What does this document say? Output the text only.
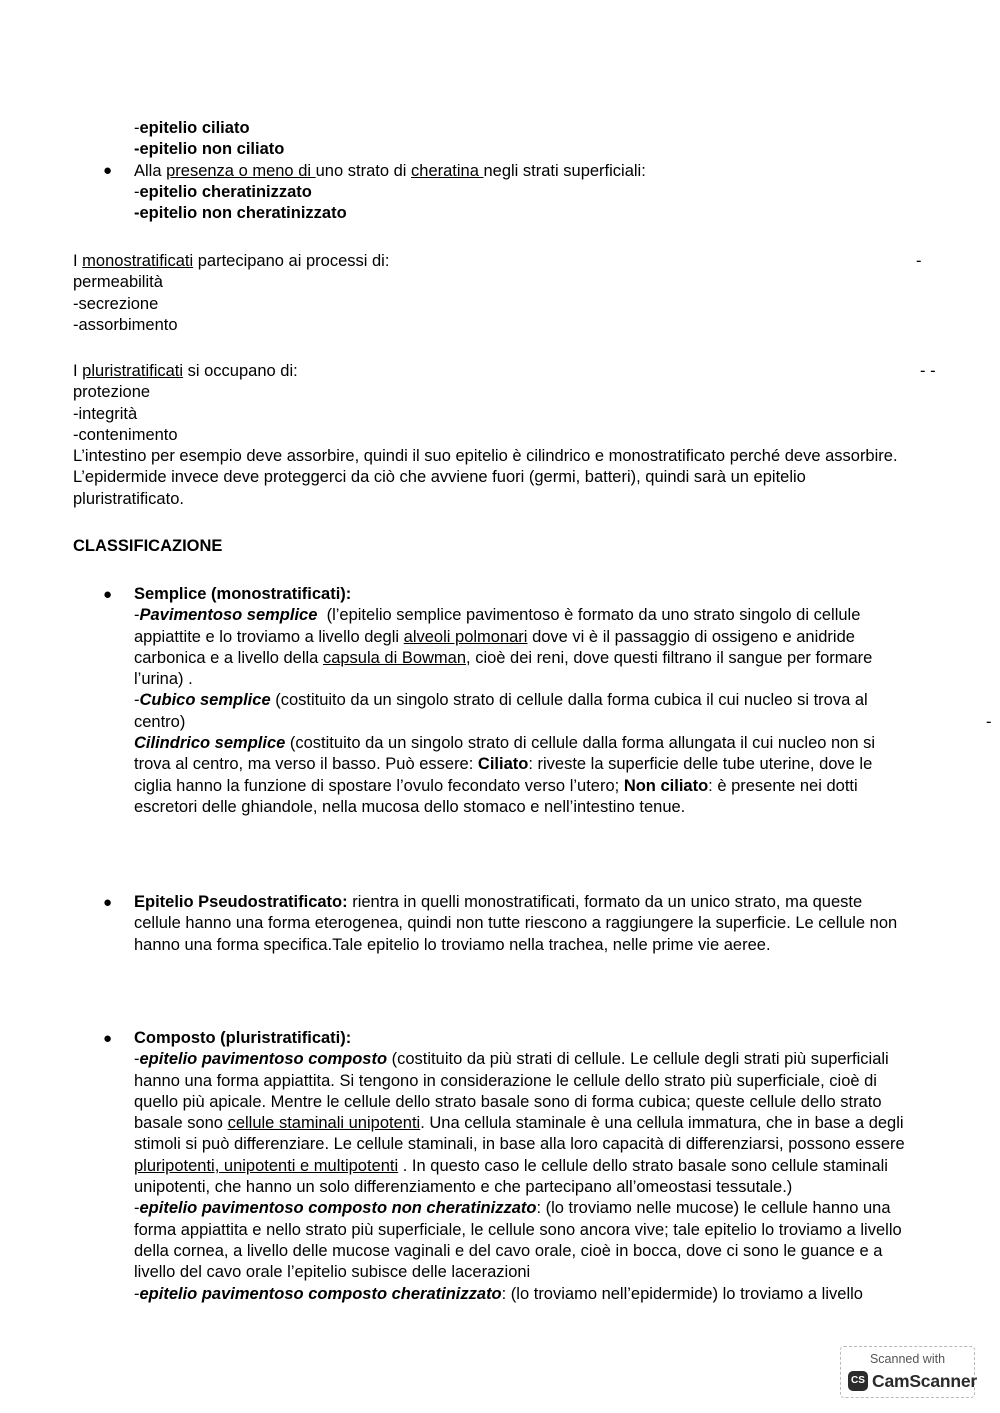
-epitelio ciliato
-epitelio non ciliato
Alla presenza o meno di uno strato di cheratina negli strati superficiali:
-epitelio cheratinizzato
-epitelio non cheratinizzato
●
I monostratificati partecipano ai processi di:
permeabilità
-secrezione
-assorbimento
-
I pluristratificati si occupano di:
protezione
-integrità
-contenimento
L’intestino per esempio deve assorbire, quindi il suo epitelio è cilindrico e monostratificato perché deve assorbire.
L’epidermide invece deve proteggerci da ciò che avviene fuori (germi, batteri), quindi sarà un epitelio
pluristratificato.
- -
CLASSIFICAZIONE
● Semplice (monostratificati):
-Pavimentoso semplice  (l’epitelio semplice pavimentoso è formato da uno strato singolo di cellule
appiattite e lo troviamo a livello degli alveoli polmonari dove vi è il passaggio di ossigeno e anidride
carbonica e a livello della capsula di Bowman, cioè dei reni, dove questi filtrano il sangue per formare
l’urina) .
-Cubico semplice (costituito da un singolo strato di cellule dalla forma cubica il cui nucleo si trova al
centro)
Cilindrico semplice (costituito da un singolo strato di cellule dalla forma allungata il cui nucleo non si
trova al centro, ma verso il basso. Può essere: Ciliato: riveste la superficie delle tube uterine, dove le
ciglia hanno la funzione di spostare l’ovulo fecondato verso l’utero; Non ciliato: è presente nei dotti
escretori delle ghiandole, nella mucosa dello stomaco e nell’intestino tenue.
-
● Epitelio Pseudostratificato: rientra in quelli monostratificati, formato da un unico strato, ma queste
cellule hanno una forma eterogenea, quindi non tutte riescono a raggiungere la superficie. Le cellule non
hanno una forma specifica.Tale epitelio lo troviamo nella trachea, nelle prime vie aeree.
● Composto (pluristratificati):
-epitelio pavimentoso composto (costituito da più strati di cellule. Le cellule degli strati più superficiali
hanno una forma appiattita. Si tengono in considerazione le cellule dello strato più superficiale, cioè di
quello più apicale. Mentre le cellule dello strato basale sono di forma cubica; queste cellule dello strato
basale sono cellule staminali unipotenti. Una cellula staminale è una cellula immatura, che in base a degli
stimoli si può differenziare. Le cellule staminali, in base alla loro capacità di differenziarsi, possono essere
pluripotenti, unipotenti e multipotenti . In questo caso le cellule dello strato basale sono cellule staminali
unipotenti, che hanno un solo differenziamento e che partecipano all’omeostasi tessutale.)
-epitelio pavimentoso composto non cheratinizzato: (lo troviamo nelle mucose) le cellule hanno una
forma appiattita e nello strato più superficiale, le cellule sono ancora vive; tale epitelio lo troviamo a livello
della cornea, a livello delle mucose vaginali e del cavo orale, cioè in bocca, dove ci sono le guance e a
livello del cavo orale l’epitelio subisce delle lacerazioni
-epitelio pavimentoso composto cheratinizzato: (lo troviamo nell’epidermide) lo troviamo a livello
Scanned with
CS CamScanner
